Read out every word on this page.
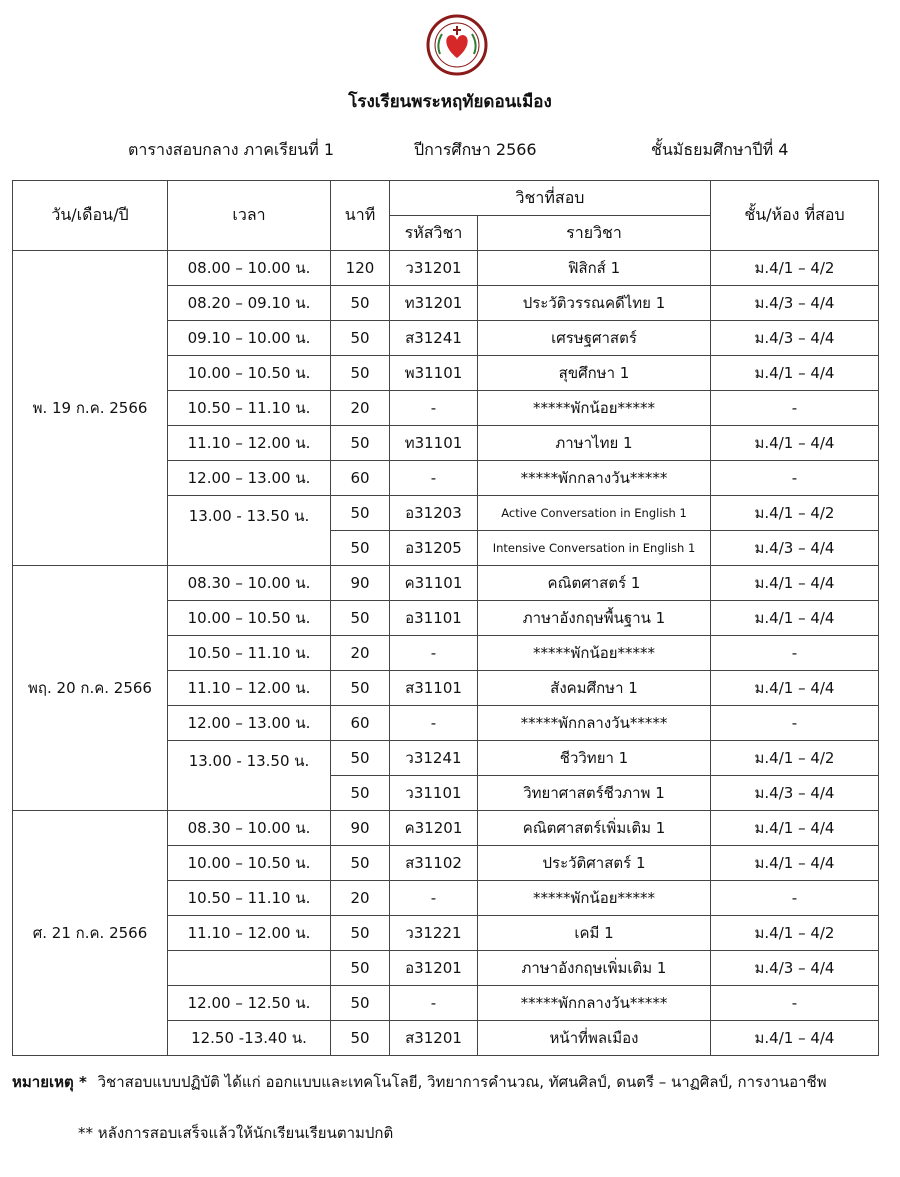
โรงเรียนพระหฤทัยดอนเมือง
ตารางสอบกลาง ภาคเรียนที่ 1	ปีการศึกษา 2566	ชั้นมัธยมศึกษาปีที่ 4
วัน/เดือน/ปี	เวลา	นาที	วิชาที่สอบ		ชั้น/ห้อง ที่สอบ
			รหัสวิชา	รายวิชา	
พ. 19 ก.ค. 2566	08.00 – 10.00 น.	120	ว31201	ฟิสิกส์ 1	ม.4/1 – 4/2
	08.20 – 09.10 น.	50	ท31201	ประวัติวรรณคดีไทย 1	ม.4/3 – 4/4
	09.10 – 10.00 น.	50	ส31241	เศรษฐศาสตร์	ม.4/3 – 4/4
	10.00 – 10.50 น.	50	พ31101	สุขศึกษา 1	ม.4/1 – 4/4
	10.50 – 11.10 น.	20	-	*****พักน้อย*****	-
	11.10 – 12.00 น.	50	ท31101	ภาษาไทย 1	ม.4/1 – 4/4
	12.00 – 13.00 น.	60	-	*****พักกลางวัน*****	-
	13.00 - 13.50 น.	50	อ31203	Active Conversation in English 1	ม.4/1 – 4/2
		50	อ31205	Intensive Conversation in English 1	ม.4/3 – 4/4
พฤ. 20 ก.ค. 2566	08.30 – 10.00 น.	90	ค31101	คณิตศาสตร์ 1	ม.4/1 – 4/4
	10.00 – 10.50 น.	50	อ31101	ภาษาอังกฤษพื้นฐาน 1	ม.4/1 – 4/4
	10.50 – 11.10 น.	20	-	*****พักน้อย*****	-
	11.10 – 12.00 น.	50	ส31101	สังคมศึกษา 1	ม.4/1 – 4/4
	12.00 – 13.00 น.	60	-	*****พักกลางวัน*****	-
	13.00 - 13.50 น.	50	ว31241	ชีววิทยา 1	ม.4/1 – 4/2
		50	ว31101	วิทยาศาสตร์ชีวภาพ 1	ม.4/3 – 4/4
ศ. 21 ก.ค. 2566	08.30 – 10.00 น.	90	ค31201	คณิตศาสตร์เพิ่มเติม 1	ม.4/1 – 4/4
	10.00 – 10.50 น.	50	ส31102	ประวัติศาสตร์ 1	ม.4/1 – 4/4
	10.50 – 11.10 น.	20	-	*****พักน้อย*****	-
	11.10 – 12.00 น.	50	ว31221	เคมี 1	ม.4/1 – 4/2
		50	อ31201	ภาษาอังกฤษเพิ่มเติม 1	ม.4/3 – 4/4
	12.00 – 12.50 น.	50	-	*****พักกลางวัน*****	-
	12.50 -13.40 น.	50	ส31201	หน้าที่พลเมือง	ม.4/1 – 4/4
หมายเหตุ * วิชาสอบแบบปฏิบัติ ได้แก่ ออกแบบและเทคโนโลยี, วิทยาการคำนวณ, ทัศนศิลป์, ดนตรี – นาฏศิลป์, การงานอาชีพ
** หลังการสอบเสร็จแล้วให้นักเรียนเรียนตามปกติ
